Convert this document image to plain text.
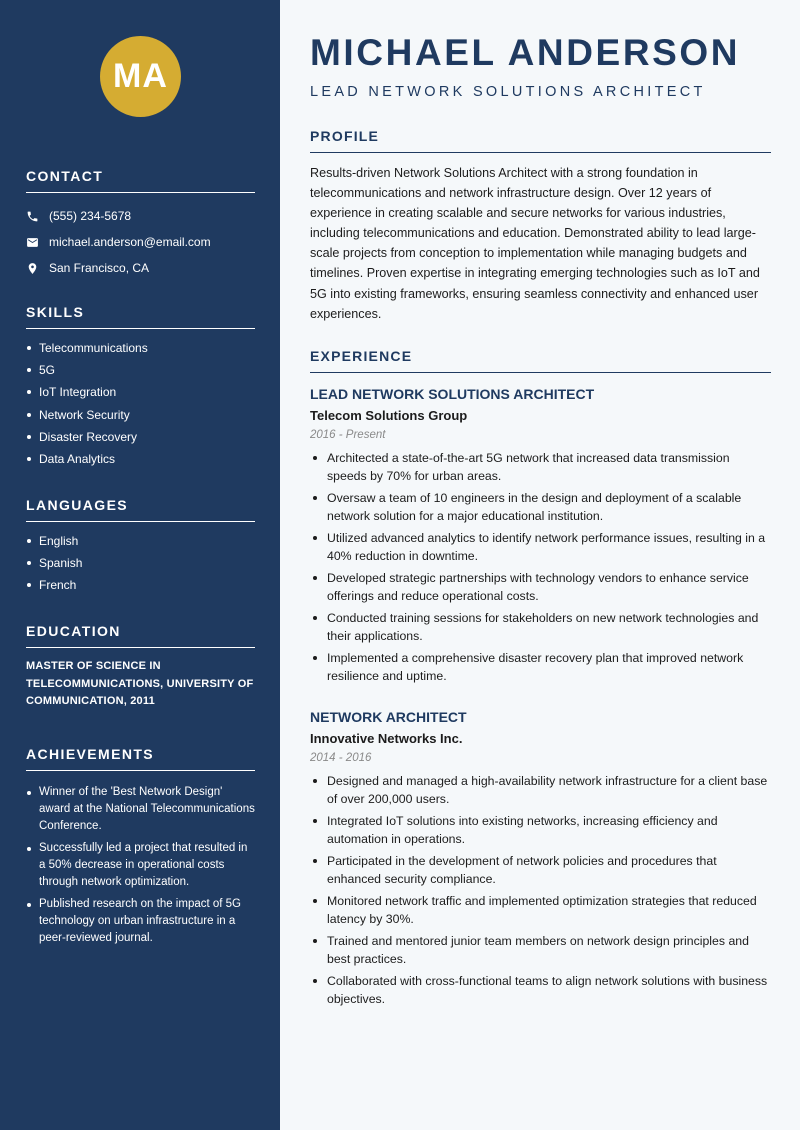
MA
CONTACT
(555) 234-5678
michael.anderson@email.com
San Francisco, CA
SKILLS
Telecommunications
5G
IoT Integration
Network Security
Disaster Recovery
Data Analytics
LANGUAGES
English
Spanish
French
EDUCATION
MASTER OF SCIENCE IN TELECOMMUNICATIONS, UNIVERSITY OF COMMUNICATION, 2011
ACHIEVEMENTS
Winner of the 'Best Network Design' award at the National Telecommunications Conference.
Successfully led a project that resulted in a 50% decrease in operational costs through network optimization.
Published research on the impact of 5G technology on urban infrastructure in a peer-reviewed journal.
MICHAEL ANDERSON
LEAD NETWORK SOLUTIONS ARCHITECT
PROFILE
Results-driven Network Solutions Architect with a strong foundation in telecommunications and network infrastructure design. Over 12 years of experience in creating scalable and secure networks for various industries, including telecommunications and education. Demonstrated ability to lead large-scale projects from conception to implementation while managing budgets and timelines. Proven expertise in integrating emerging technologies such as IoT and 5G into existing frameworks, ensuring seamless connectivity and enhanced user experiences.
EXPERIENCE
LEAD NETWORK SOLUTIONS ARCHITECT
Telecom Solutions Group
2016 - Present
Architected a state-of-the-art 5G network that increased data transmission speeds by 70% for urban areas.
Oversaw a team of 10 engineers in the design and deployment of a scalable network solution for a major educational institution.
Utilized advanced analytics to identify network performance issues, resulting in a 40% reduction in downtime.
Developed strategic partnerships with technology vendors to enhance service offerings and reduce operational costs.
Conducted training sessions for stakeholders on new network technologies and their applications.
Implemented a comprehensive disaster recovery plan that improved network resilience and uptime.
NETWORK ARCHITECT
Innovative Networks Inc.
2014 - 2016
Designed and managed a high-availability network infrastructure for a client base of over 200,000 users.
Integrated IoT solutions into existing networks, increasing efficiency and automation in operations.
Participated in the development of network policies and procedures that enhanced security compliance.
Monitored network traffic and implemented optimization strategies that reduced latency by 30%.
Trained and mentored junior team members on network design principles and best practices.
Collaborated with cross-functional teams to align network solutions with business objectives.
